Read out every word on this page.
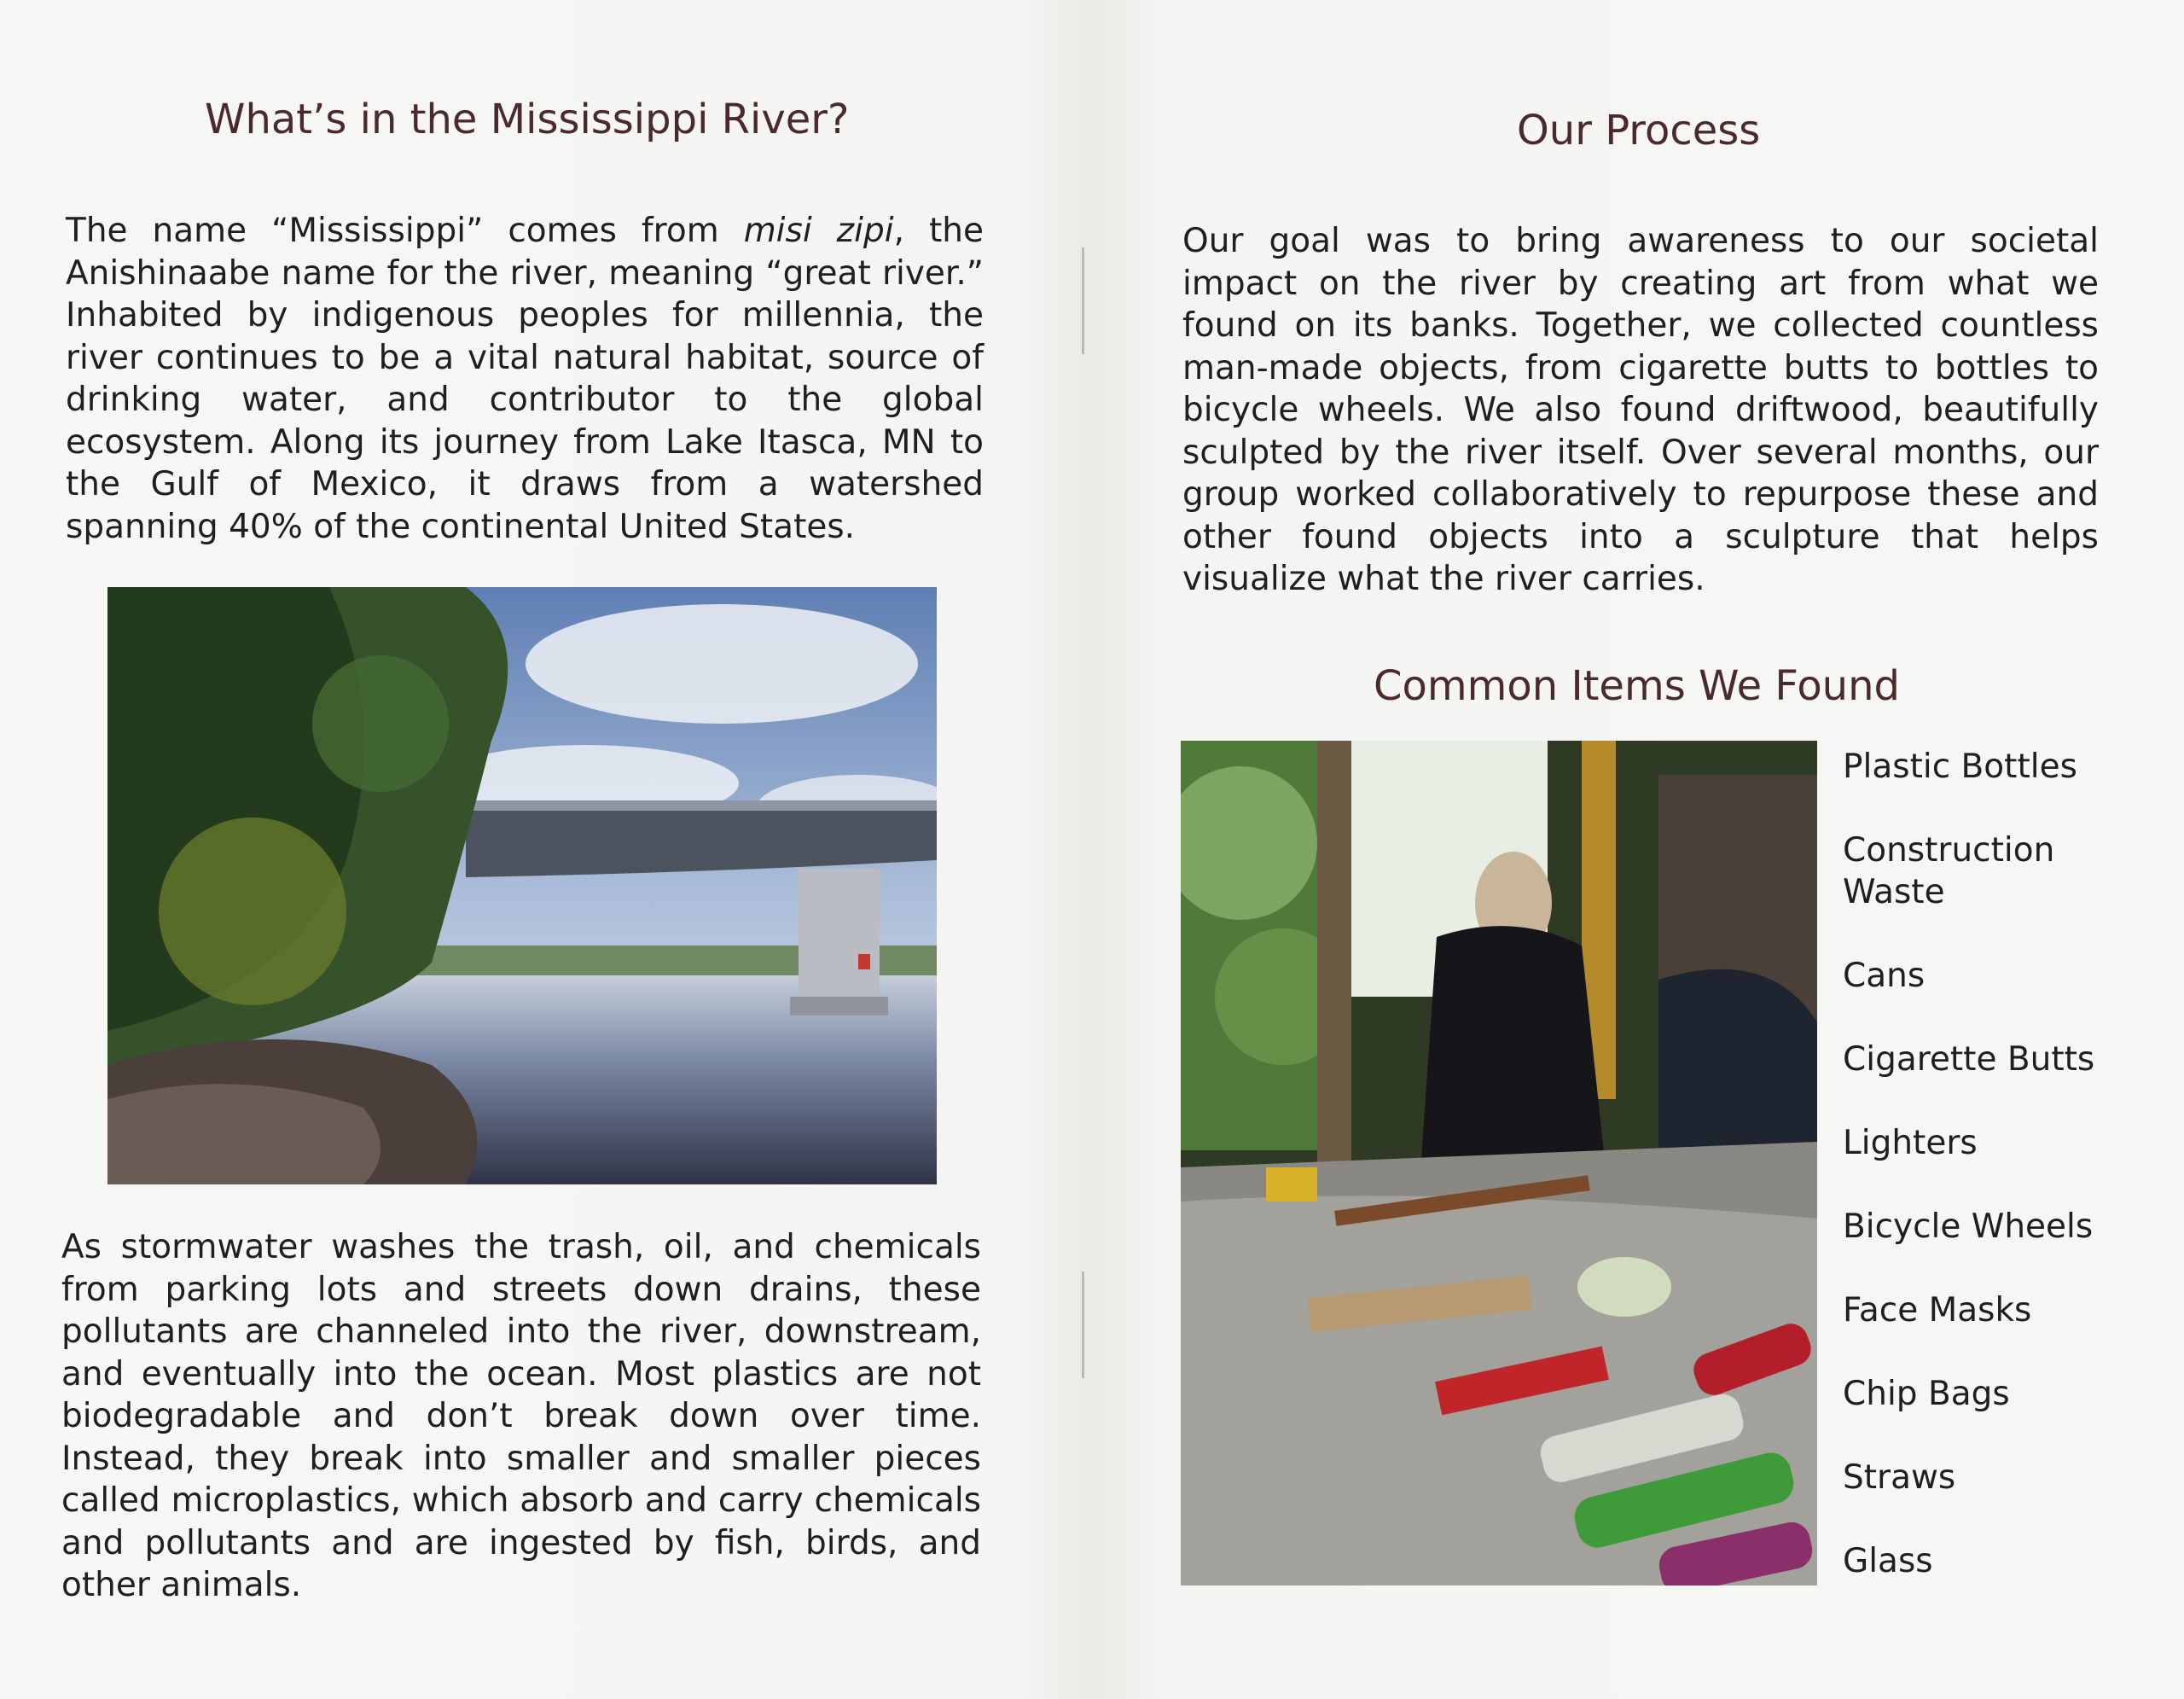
What’s in the Mississippi River?

The name “Mississippi” comes from misi zipi, the Anishinaabe name for the river, meaning “great river.” Inhabited by indigenous peoples for millennia, the river continues to be a vital natural habitat, source of drinking water, and contributor to the global ecosystem. Along its journey from Lake Itasca, MN to the Gulf of Mexico, it draws from a watershed spanning 40% of the continental United States.

As stormwater washes the trash, oil, and chemicals from parking lots and streets down drains, these pollutants are channeled into the river, downstream, and eventually into the ocean. Most plastics are not biodegradable and don’t break down over time. Instead, they break into smaller and smaller pieces called microplastics, which absorb and carry chemicals and pollutants and are ingested by fish, birds, and other animals.

Our Process

Our goal was to bring awareness to our societal impact on the river by creating art from what we found on its banks. Together, we collected countless man-made objects, from cigarette butts to bottles to bicycle wheels. We also found driftwood, beautifully sculpted by the river itself. Over several months, our group worked collaboratively to repurpose these and other found objects into a sculpture that helps visualize what the river carries.

Common Items We Found
Plastic Bottles
Construction Waste
Cans
Cigarette Butts
Lighters
Bicycle Wheels
Face Masks
Chip Bags
Straws
Glass
